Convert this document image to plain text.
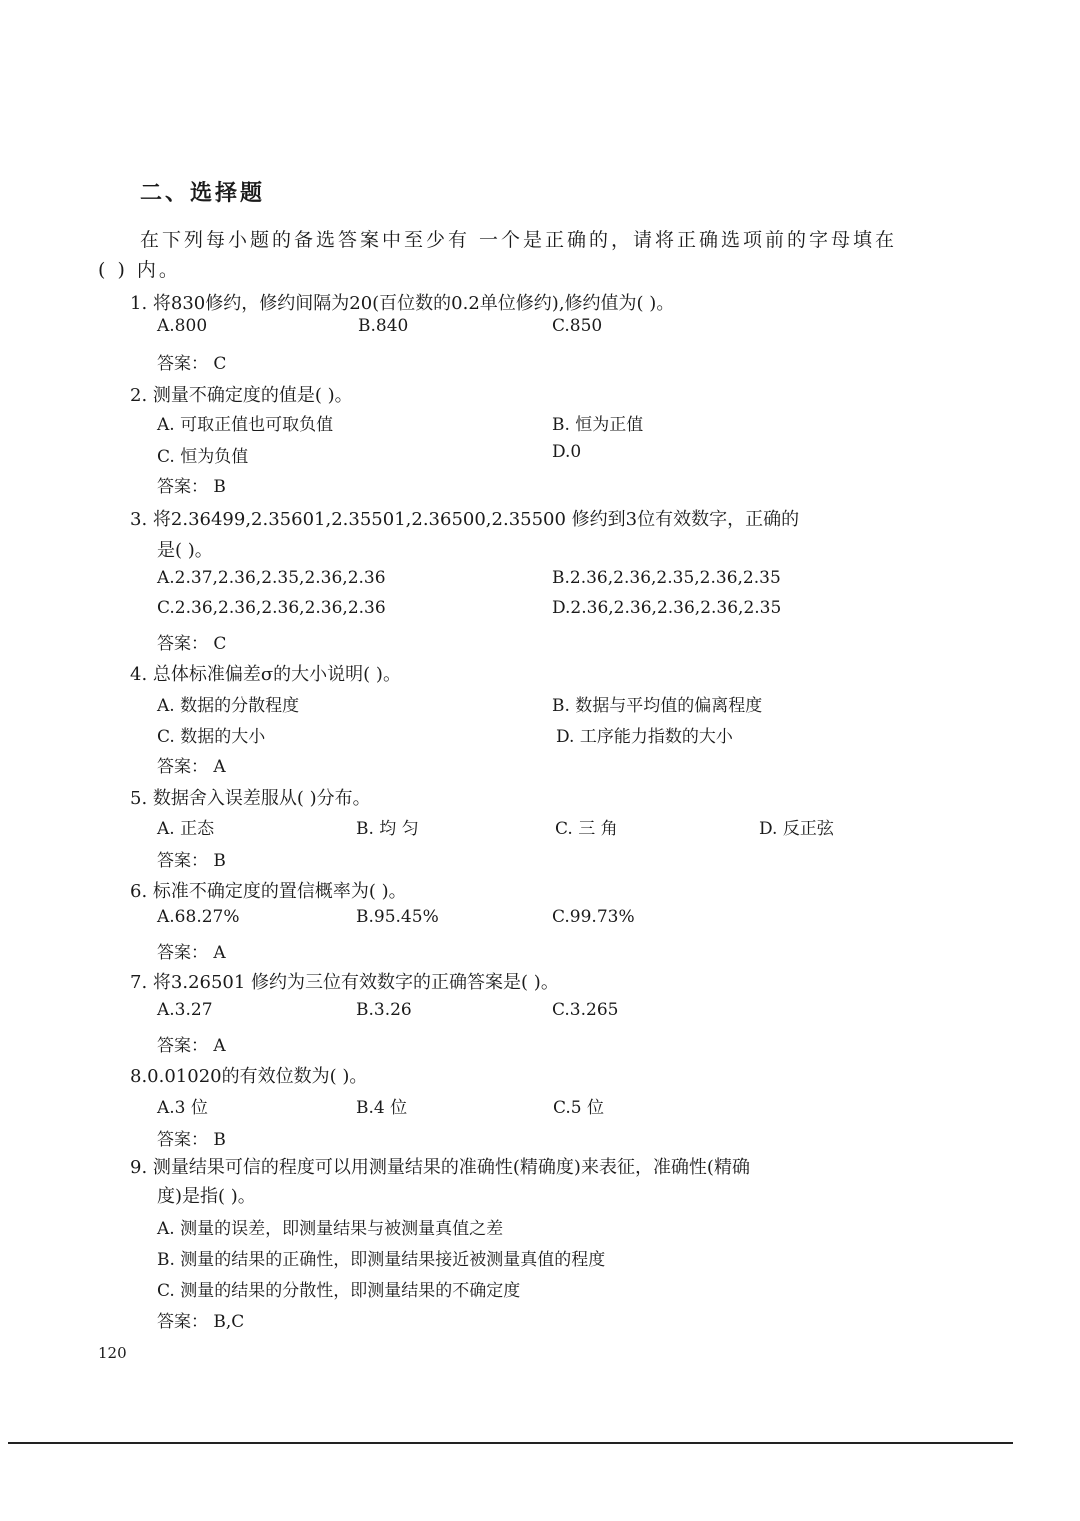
二、选择题
在下列每小题的备选答案中至少有 一个是正确的，请将正确选项前的字母填在
( ) 内。
1. 将830修约，修约间隔为20(百位数的0.2单位修约),修约值为( )。
A.800	B.840	C.850
答案： C
2. 测量不确定度的值是( )。
A. 可取正值也可取负值	B. 恒为正值
C. 恒为负值	D.0
答案： B
3. 将2.36499,2.35601,2.35501,2.36500,2.35500 修约到3位有效数字，正确的
是( )。
A.2.37,2.36,2.35,2.36,2.36	B.2.36,2.36,2.35,2.36,2.35
C.2.36,2.36,2.36,2.36,2.36	D.2.36,2.36,2.36,2.36,2.35
答案： C
4. 总体标准偏差σ的大小说明( )。
A. 数据的分散程度	B. 数据与平均值的偏离程度
C. 数据的大小	D. 工序能力指数的大小
答案： A
5. 数据舍入误差服从( )分布。
A. 正态	B. 均 匀	C. 三 角	D. 反正弦
答案： B
6. 标准不确定度的置信概率为( )。
A.68.27%	B.95.45%	C.99.73%
答案： A
7. 将3.26501 修约为三位有效数字的正确答案是( )。
A.3.27	B.3.26	C.3.265
答案： A
8.0.01020的有效位数为( )。
A.3 位	B.4 位	C.5 位
答案： B
9. 测量结果可信的程度可以用测量结果的准确性(精确度)来表征，准确性(精确
度)是指( )。
A. 测量的误差，即测量结果与被测量真值之差
B. 测量的结果的正确性，即测量结果接近被测量真值的程度
C. 测量的结果的分散性，即测量结果的不确定度
答案： B,C
120
